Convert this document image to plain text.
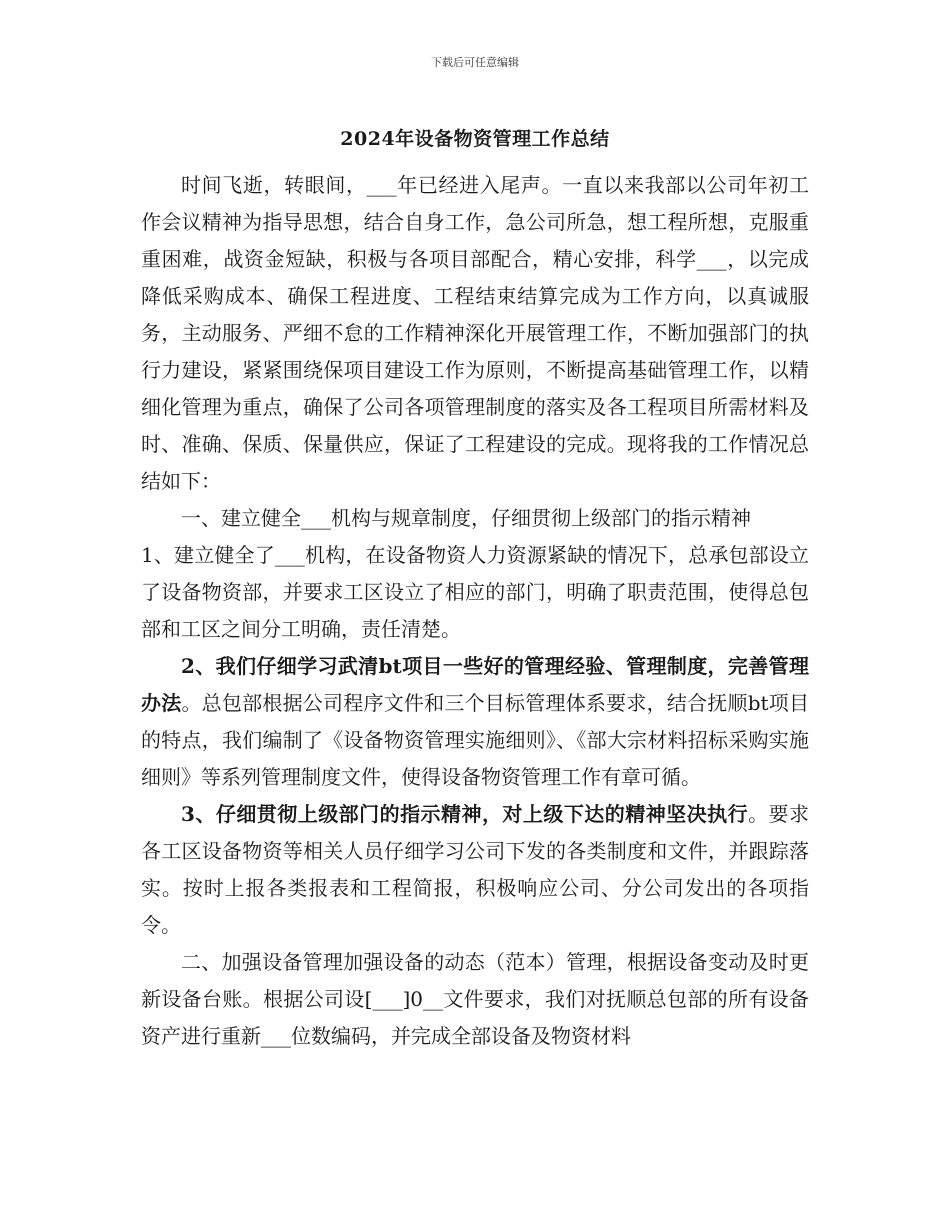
下载后可任意编辑
2024年设备物资管理工作总结

时间飞逝，转眼间，___年已经进入尾声。一直以来我部以公司年初工作会议精神为指导思想，结合自身工作，急公司所急，想工程所想，克服重重困难，战资金短缺，积极与各项目部配合，精心安排，科学___，以完成降低采购成本、确保工程进度、工程结束结算完成为工作方向，以真诚服务，主动服务、严细不怠的工作精神深化开展管理工作，不断加强部门的执行力建设，紧紧围绕保项目建设工作为原则，不断提高基础管理工作，以精细化管理为重点，确保了公司各项管理制度的落实及各工程项目所需材料及时、准确、保质、保量供应，保证了工程建设的完成。现将我的工作情况总结如下：

一、建立健全___机构与规章制度，仔细贯彻上级部门的指示精神

1、建立健全了___机构，在设备物资人力资源紧缺的情况下，总承包部设立了设备物资部，并要求工区设立了相应的部门，明确了职责范围，使得总包部和工区之间分工明确，责任清楚。

2、我们仔细学习武清bt项目一些好的管理经验、管理制度，完善管理办法。总包部根据公司程序文件和三个目标管理体系要求，结合抚顺bt项目的特点，我们编制了《设备物资管理实施细则》、《部大宗材料招标采购实施细则》等系列管理制度文件，使得设备物资管理工作有章可循。

3、仔细贯彻上级部门的指示精神，对上级下达的精神坚决执行。要求各工区设备物资等相关人员仔细学习公司下发的各类制度和文件，并跟踪落实。按时上报各类报表和工程简报，积极响应公司、分公司发出的各项指令。

二、加强设备管理加强设备的动态（范本）管理，根据设备变动及时更新设备台账。根据公司设[___]0__文件要求，我们对抚顺总包部的所有设备资产进行重新___位数编码，并完成全部设备及物资材料
